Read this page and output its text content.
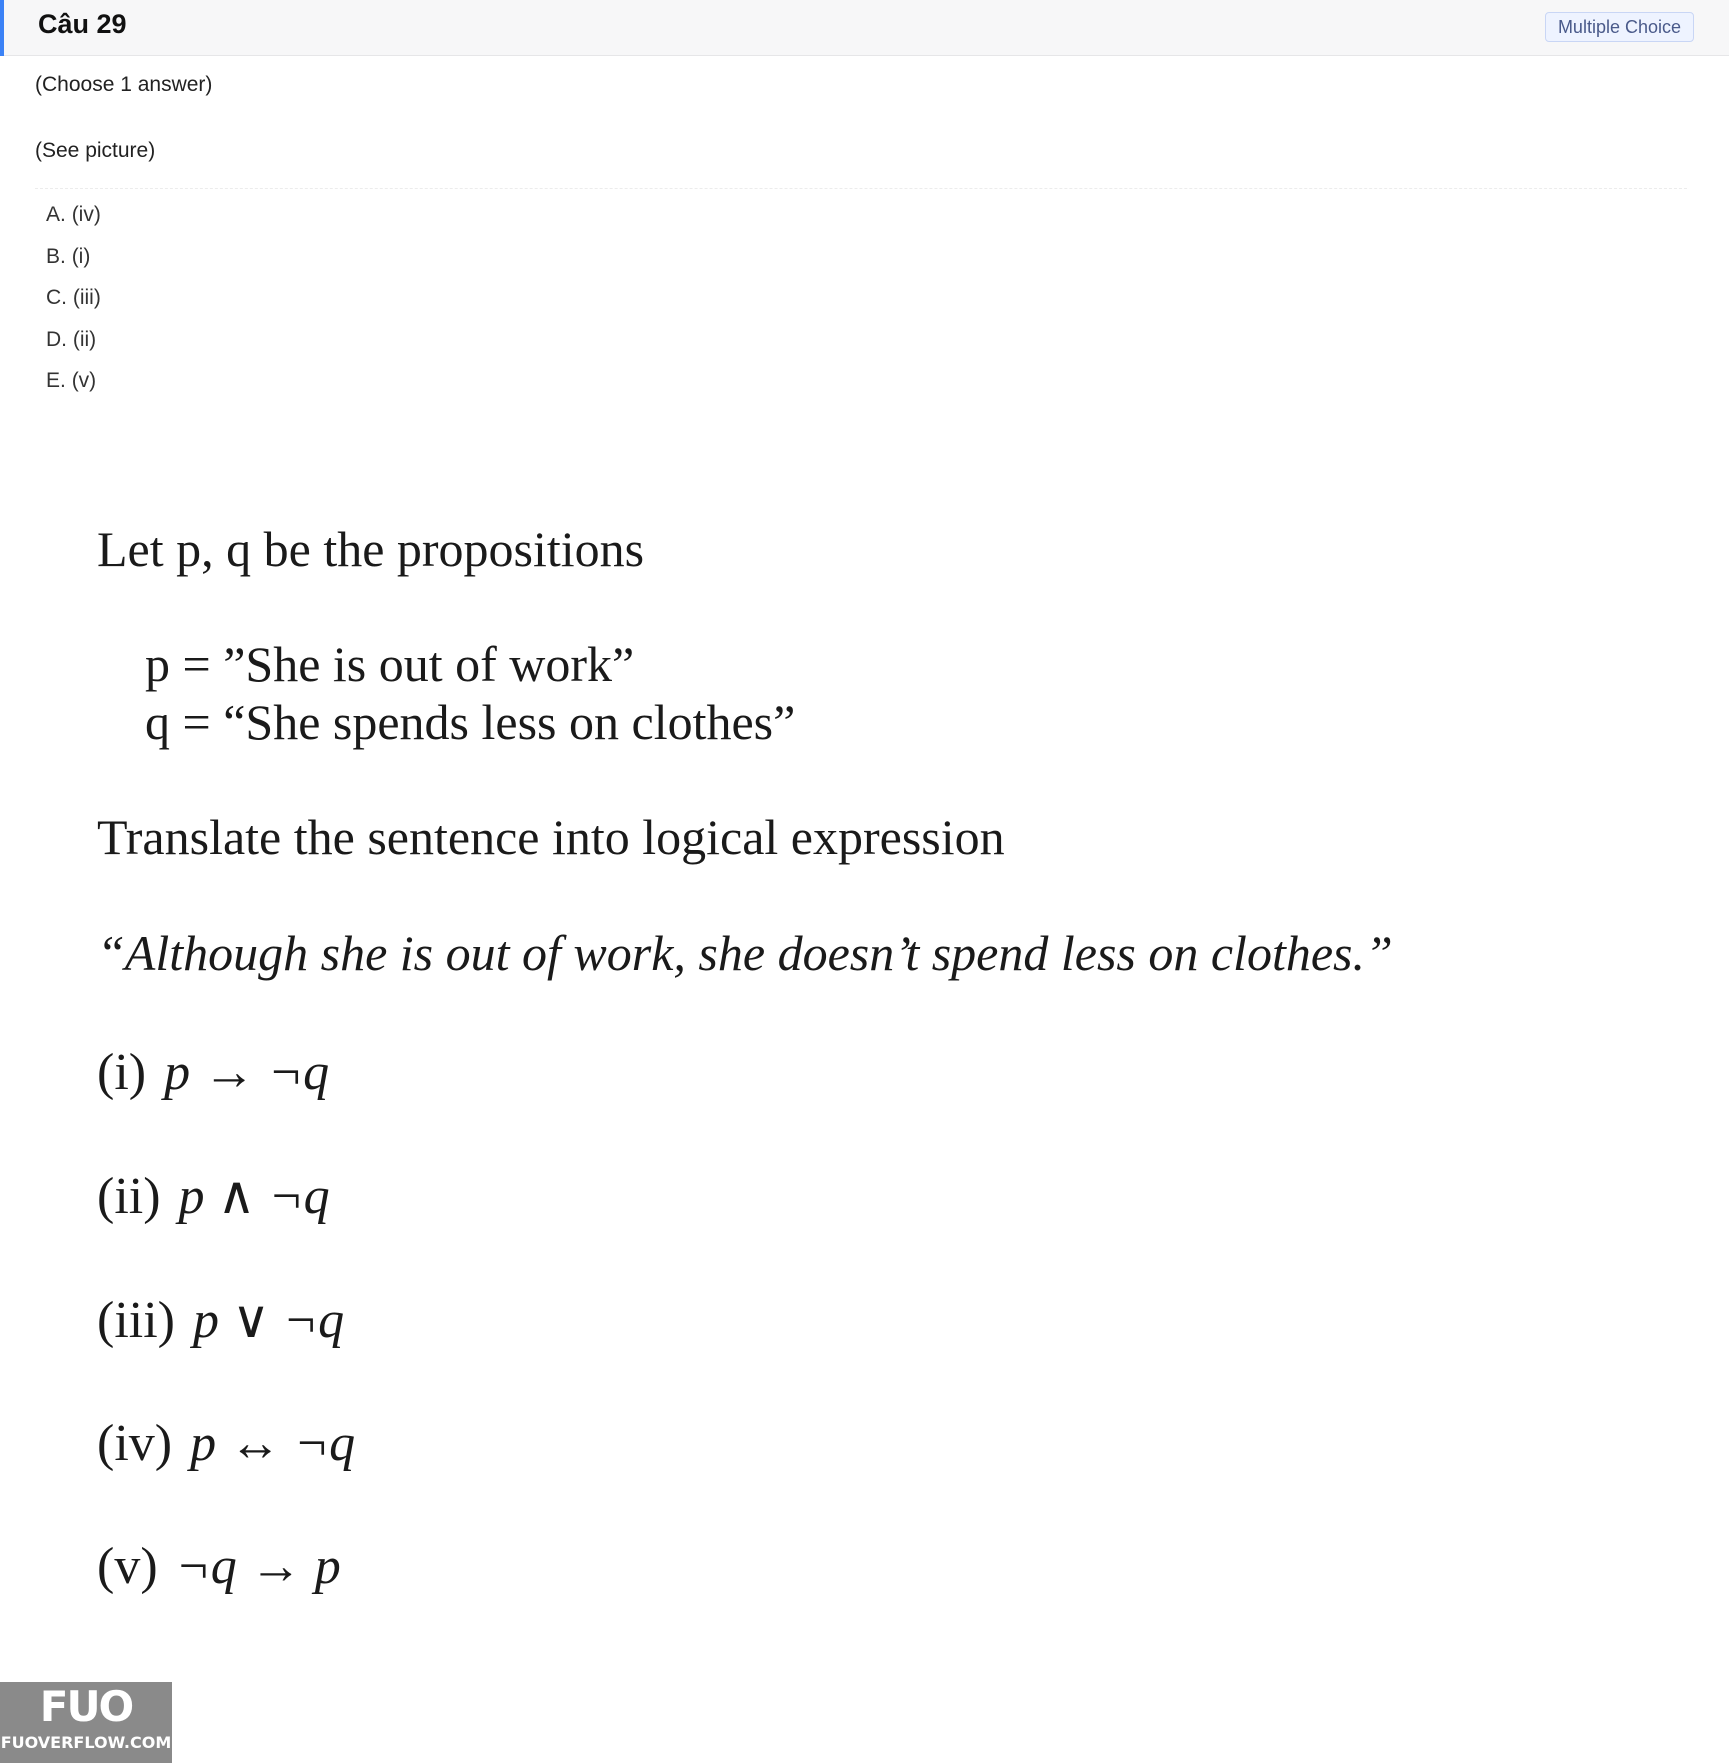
Câu 29	Multiple Choice
(Choose 1 answer)
(See picture)
A. (iv)
B. (i)
C. (iii)
D. (ii)
E. (v)
Let p, q be the propositions
p = ”She is out of work”
q = “She spends less on clothes”
Translate the sentence into logical expression
“Although she is out of work, she doesn’t spend less on clothes.”
(i) p → ¬q
(ii) p ∧ ¬q
(iii) p ∨ ¬q
(iv) p ↔ ¬q
(v) ¬q → p
FUO
FUOVERFLOW.COM
